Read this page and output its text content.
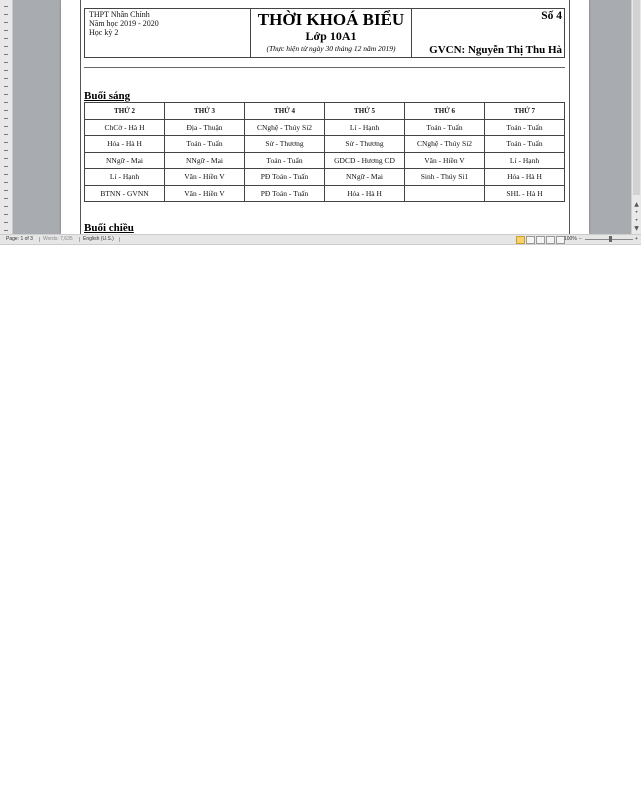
THPT Nhân Chính
Năm học 2019 - 2020
Học kỳ 2

THỜI KHOÁ BIỂU
Lớp 10A1
(Thực hiện từ ngày 30 tháng 12 năm 2019)

Số 4
GVCN: Nguyễn Thị Thu Hà
Buổi sáng
THỨ 2	THỨ 3	THỨ 4	THỨ 5	THỨ 6	THỨ 7
ChCờ - Hà H	Địa - Thuận	CNghệ - Thúy Si2	Lí - Hạnh	Toán - Tuấn	Toán - Tuấn
Hóa - Hà H	Toán - Tuấn	Sử - Thương	Sử - Thương	CNghệ - Thúy Si2	Toán - Tuấn
NNgữ - Mai	NNgữ - Mai	Toán - Tuấn	GDCD - Hương CD	Văn - Hiền V	Lí - Hạnh
Lí - Hạnh	Văn - Hiền V	PĐ Toán - Tuấn	NNgữ - Mai	Sinh - Thúy Si1	Hóa - Hà H
BTNN - GVNN	Văn - Hiền V	PĐ Toán - Tuấn	Hóa - Hà H		SHL - Hà H
Buổi chiều
▲
•
•
▼
Page: 1 of 3 Words: 7,635 English (U.S.)	100% −	+
